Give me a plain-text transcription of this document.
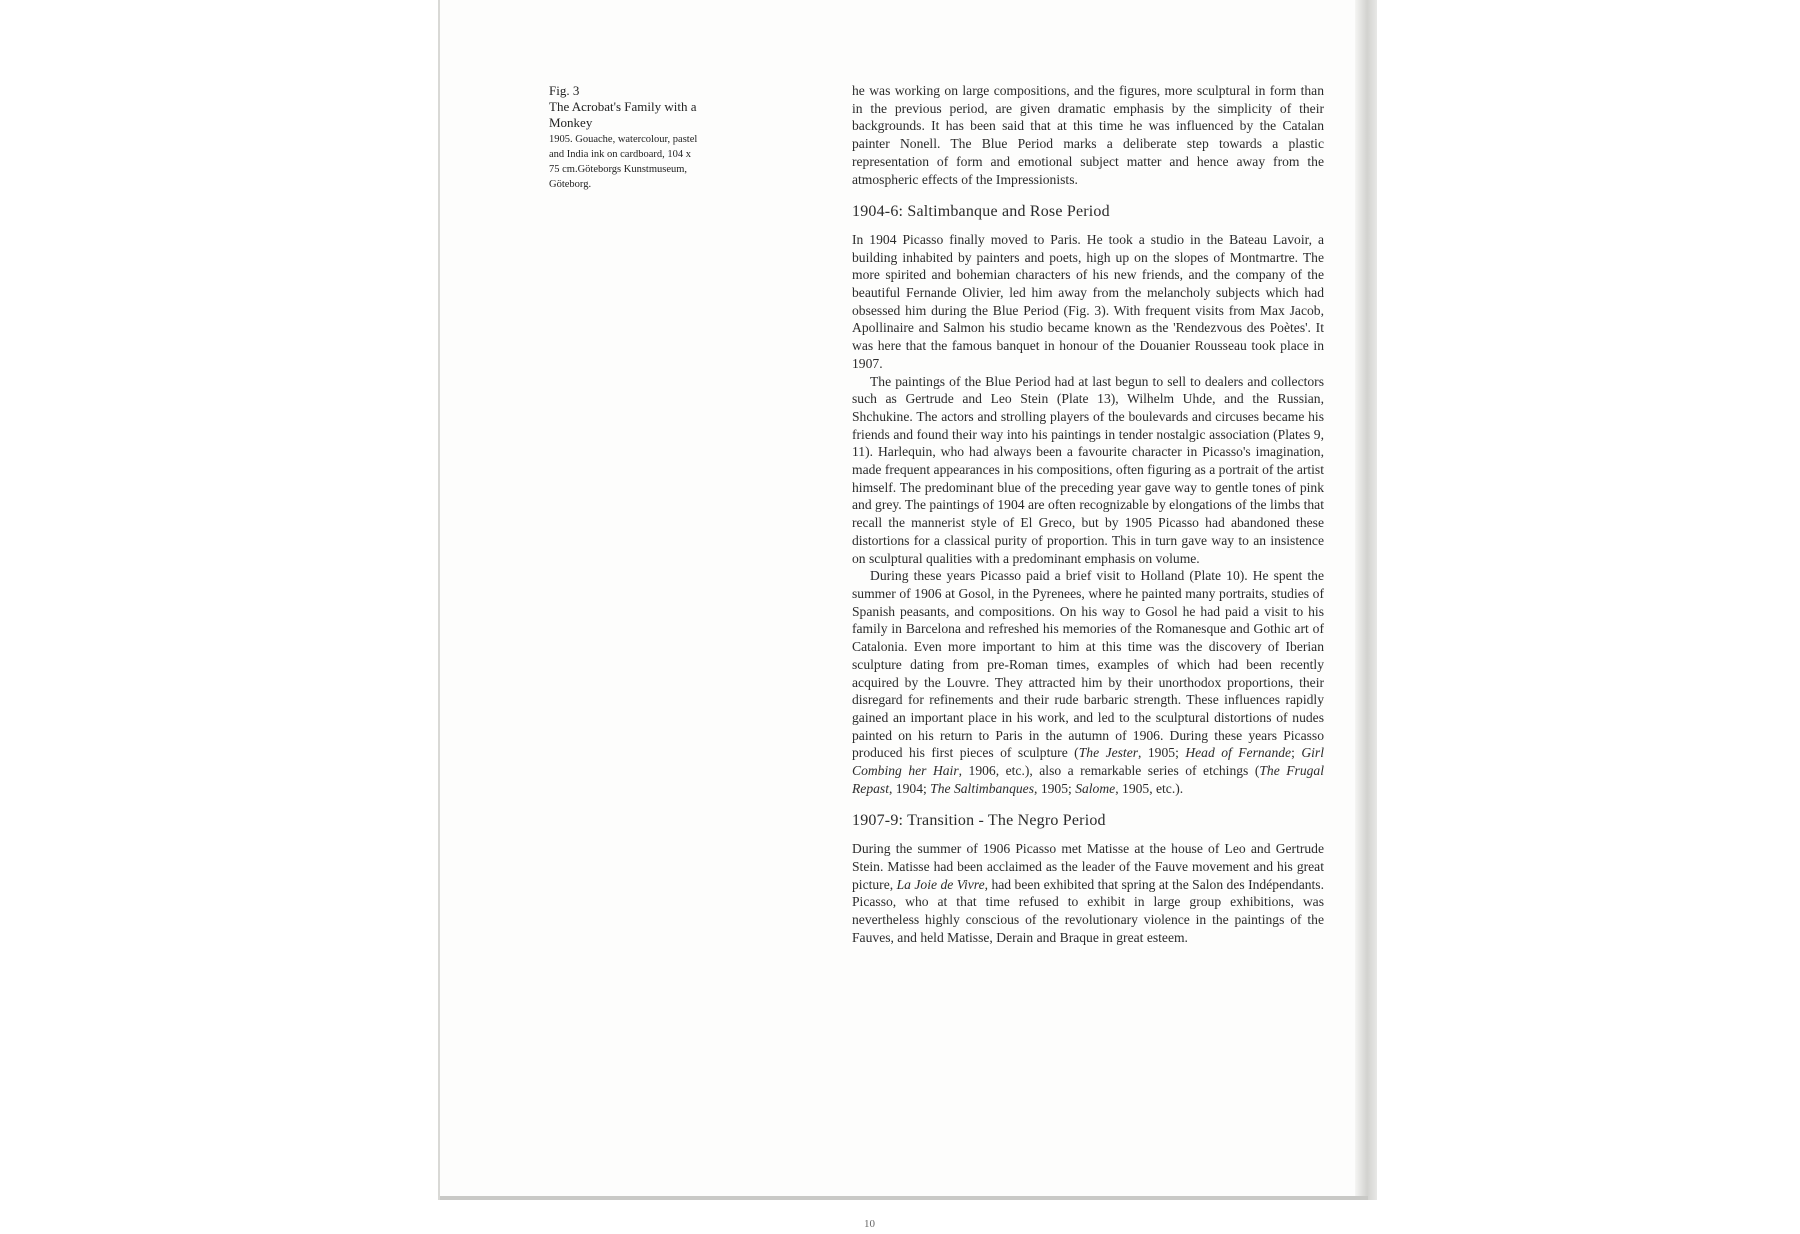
Fig. 3
The Acrobat's Family with a Monkey
1905. Gouache, watercolour, pastel and India ink on cardboard, 104 x 75 cm.Göteborgs Kunstmuseum, Göteborg.

he was working on large compositions, and the figures, more sculptural in form than in the previous period, are given dramatic emphasis by the simplicity of their backgrounds. It has been said that at this time he was influenced by the Catalan painter Nonell. The Blue Period marks a deliberate step towards a plastic representation of form and emotional subject matter and hence away from the atmospheric effects of the Impressionists.

1904-6: Saltimbanque and Rose Period

In 1904 Picasso finally moved to Paris. He took a studio in the Bateau Lavoir, a building inhabited by painters and poets, high up on the slopes of Montmartre. The more spirited and bohemian characters of his new friends, and the company of the beautiful Fernande Olivier, led him away from the melancholy subjects which had obsessed him during the Blue Period (Fig. 3). With frequent visits from Max Jacob, Apollinaire and Salmon his studio became known as the 'Rendezvous des Poètes'. It was here that the famous banquet in honour of the Douanier Rousseau took place in 1907.

The paintings of the Blue Period had at last begun to sell to dealers and collectors such as Gertrude and Leo Stein (Plate 13), Wilhelm Uhde, and the Russian, Shchukine. The actors and strolling players of the boulevards and circuses became his friends and found their way into his paintings in tender nostalgic association (Plates 9, 11). Harlequin, who had always been a favourite character in Picasso's imagination, made frequent appearances in his compositions, often figuring as a portrait of the artist himself. The predominant blue of the preceding year gave way to gentle tones of pink and grey. The paintings of 1904 are often recognizable by elongations of the limbs that recall the mannerist style of El Greco, but by 1905 Picasso had abandoned these distortions for a classical purity of proportion. This in turn gave way to an insistence on sculptural qualities with a predominant emphasis on volume.

During these years Picasso paid a brief visit to Holland (Plate 10). He spent the summer of 1906 at Gosol, in the Pyrenees, where he painted many portraits, studies of Spanish peasants, and compositions. On his way to Gosol he had paid a visit to his family in Barcelona and refreshed his memories of the Romanesque and Gothic art of Catalonia. Even more important to him at this time was the discovery of Iberian sculpture dating from pre-Roman times, examples of which had been recently acquired by the Louvre. They attracted him by their unorthodox proportions, their disregard for refinements and their rude barbaric strength. These influences rapidly gained an important place in his work, and led to the sculptural distortions of nudes painted on his return to Paris in the autumn of 1906. During these years Picasso produced his first pieces of sculpture (The Jester, 1905; Head of Fernande; Girl Combing her Hair, 1906, etc.), also a remarkable series of etchings (The Frugal Repast, 1904; The Saltimbanques, 1905; Salome, 1905, etc.).

1907-9: Transition - The Negro Period

During the summer of 1906 Picasso met Matisse at the house of Leo and Gertrude Stein. Matisse had been acclaimed as the leader of the Fauve movement and his great picture, La Joie de Vivre, had been exhibited that spring at the Salon des Indépendants. Picasso, who at that time refused to exhibit in large group exhibitions, was nevertheless highly conscious of the revolutionary violence in the paintings of the Fauves, and held Matisse, Derain and Braque in great esteem.

10
